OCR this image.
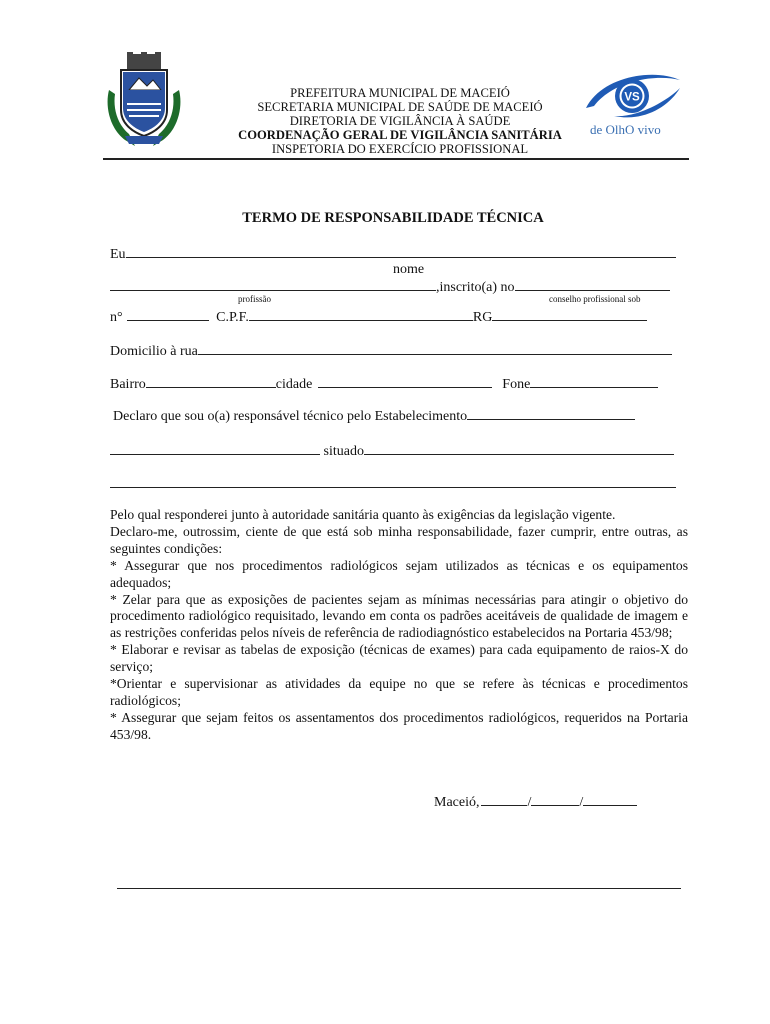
PREFEITURA MUNICIPAL DE MACEIÓ
SECRETARIA MUNICIPAL DE SAÚDE DE MACEIÓ
DIRETORIA DE VIGILÂNCIA À SAÚDE
COORDENAÇÃO GERAL DE VIGILÂNCIA SANITÁRIA
INSPETORIA DO EXERCÍCIO PROFISSIONAL
VS
de OlhO vivo
TERMO DE RESPONSABILIDADE TÉCNICA
Eu
nome
,inscrito(a) no
profissão	conselho profissional sob
n°	C.P.F.	RG
Domicilio à rua
Bairro	cidade	Fone
Declaro que sou o(a) responsável técnico pelo Estabelecimento
situado

Pelo qual responderei junto à autoridade sanitária quanto às exigências da legislação vigente.

Declaro-me, outrossim, ciente de que está sob minha responsabilidade, fazer cumprir, entre outras, as seguintes condições:

* Assegurar que nos procedimentos radiológicos sejam utilizados as técnicas e os equipamentos adequados;

* Zelar para que as exposições de pacientes sejam as mínimas necessárias para atingir o objetivo do procedimento radiológico requisitado, levando em conta os padrões aceitáveis de qualidade de imagem e as restrições conferidas pelos níveis de referência de radiodiagnóstico estabelecidos na Portaria 453/98;

* Elaborar e revisar as tabelas de exposição (técnicas de exames) para cada equipamento de raios-X do serviço;

*Orientar e supervisionar as atividades da equipe no que se refere às técnicas e procedimentos radiológicos;

* Assegurar que sejam feitos os assentamentos dos procedimentos radiológicos, requeridos na Portaria 453/98.

Maceió,	/	/
